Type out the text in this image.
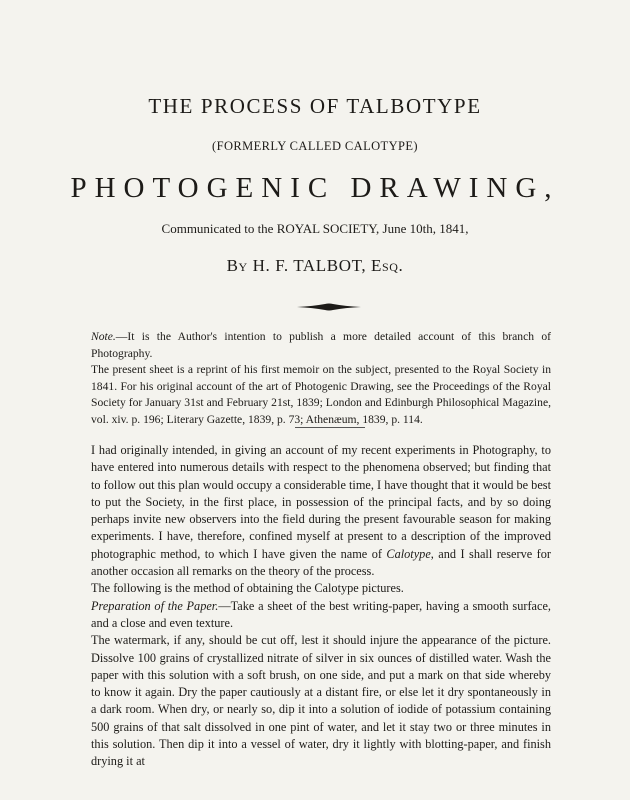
THE PROCESS OF TALBOTYPE
(FORMERLY CALLED CALOTYPE)
PHOTOGENIC DRAWING,
Communicated to the ROYAL SOCIETY, June 10th, 1841,
By H. F. TALBOT, Esq.

Note.—It is the Author's intention to publish a more detailed account of this branch of Photography.

The present sheet is a reprint of his first memoir on the subject, presented to the Royal Society in 1841. For his original account of the art of Photogenic Drawing, see the Proceedings of the Royal Society for January 31st and February 21st, 1839; London and Edinburgh Philosophical Magazine, vol. xiv. p. 196; Literary Gazette, 1839, p. 73; Athenæum, 1839, p. 114.

I had originally intended, in giving an account of my recent experiments in Photography, to have entered into numerous details with respect to the phenomena observed; but finding that to follow out this plan would occupy a considerable time, I have thought that it would be best to put the Society, in the first place, in possession of the principal facts, and by so doing perhaps invite new observers into the field during the present favourable season for making experiments. I have, therefore, confined myself at present to a description of the improved photographic method, to which I have given the name of Calotype, and I shall reserve for another occasion all remarks on the theory of the process.

The following is the method of obtaining the Calotype pictures.

Preparation of the Paper.—Take a sheet of the best writing-paper, having a smooth surface, and a close and even texture.

The watermark, if any, should be cut off, lest it should injure the appearance of the picture. Dissolve 100 grains of crystallized nitrate of silver in six ounces of distilled water. Wash the paper with this solution with a soft brush, on one side, and put a mark on that side whereby to know it again. Dry the paper cautiously at a distant fire, or else let it dry spontaneously in a dark room. When dry, or nearly so, dip it into a solution of iodide of potassium containing 500 grains of that salt dissolved in one pint of water, and let it stay two or three minutes in this solution. Then dip it into a vessel of water, dry it lightly with blotting-paper, and finish drying it at
